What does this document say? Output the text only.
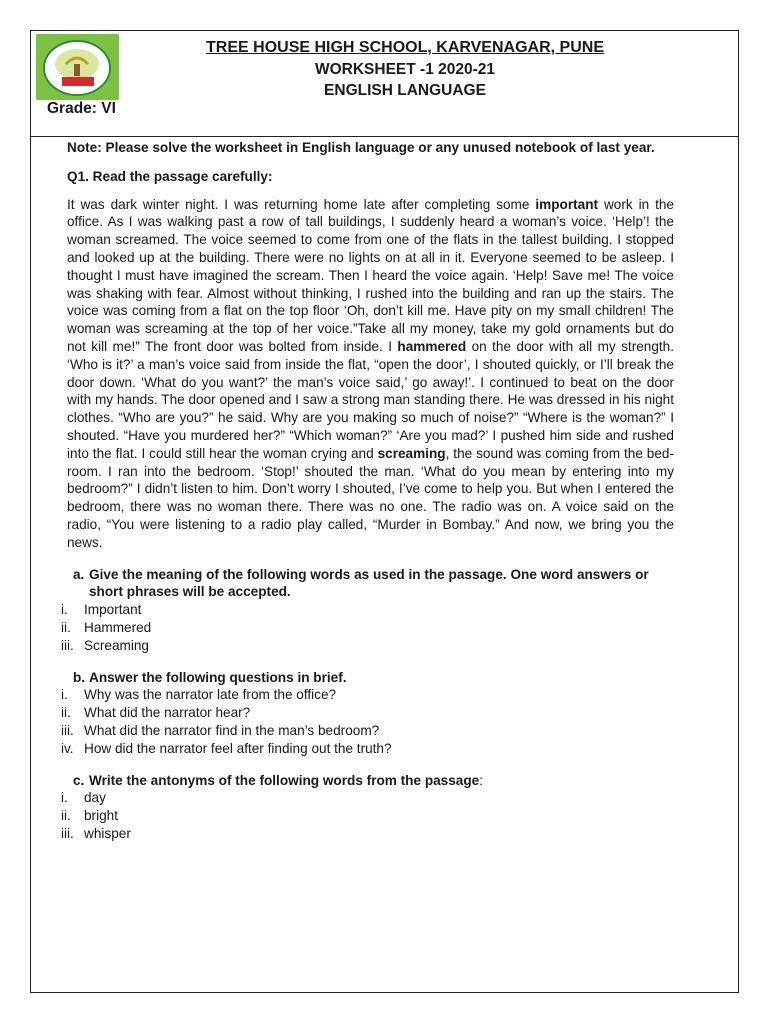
TREE HOUSE HIGH SCHOOL, KARVENAGAR, PUNE
WORKSHEET -1 2020-21
ENGLISH LANGUAGE
Grade: VI

Note: Please solve the worksheet in English language or any unused notebook of last year.

Q1. Read the passage carefully:

It was dark winter night. I was returning home late after completing some important work in the office. As I was walking past a row of tall buildings, I suddenly heard a woman’s voice. ‘Help’! the woman screamed. The voice seemed to come from one of the flats in the tallest building. I stopped and looked up at the building. There were no lights on at all in it. Everyone seemed to be asleep. I thought I must have imagined the scream. Then I heard the voice again. ‘Help! Save me! The voice was shaking with fear. Almost without thinking, I rushed into the building and ran up the stairs. The voice was coming from a flat on the top floor ‘Oh, don’t kill me. Have pity on my small children! The woman was screaming at the top of her voice.”Take all my money, take my gold ornaments but do not kill me!” The front door was bolted from inside. I hammered on the door with all my strength. ‘Who is it?’ a man’s voice said from inside the flat, “open the door’, I shouted quickly, or I’ll break the door down. ‘What do you want?’ the man’s voice said,’ go away!’. I continued to beat on the door with my hands. The door opened and I saw a strong man standing there. He was dressed in his night clothes. “Who are you?” he said. Why are you making so much of noise?” “Where is the woman?” I shouted. “Have you murdered her?” “Which woman?” ‘Are you mad?’ I pushed him side and rushed into the flat. I could still hear the woman crying and screaming, the sound was coming from the bed-room. I ran into the bedroom. ‘Stop!’ shouted the man. ‘What do you mean by entering into my bedroom?” I didn’t listen to him. Don’t worry I shouted, I’ve come to help you. But when I entered the bedroom, there was no woman there. There was no one. The radio was on. A voice said on the radio, “You were listening to a radio play called, “Murder in Bombay.” And now, we bring you the news.

a. Give the meaning of the following words as used in the passage. One word answers or short phrases will be accepted.

i. Important
ii. Hammered
iii. Screaming

b. Answer the following questions in brief.

i. Why was the narrator late from the office?
ii. What did the narrator hear?
iii. What did the narrator find in the man’s bedroom?
iv. How did the narrator feel after finding out the truth?

c. Write the antonyms of the following words from the passage:

i. day
ii. bright
iii. whisper
